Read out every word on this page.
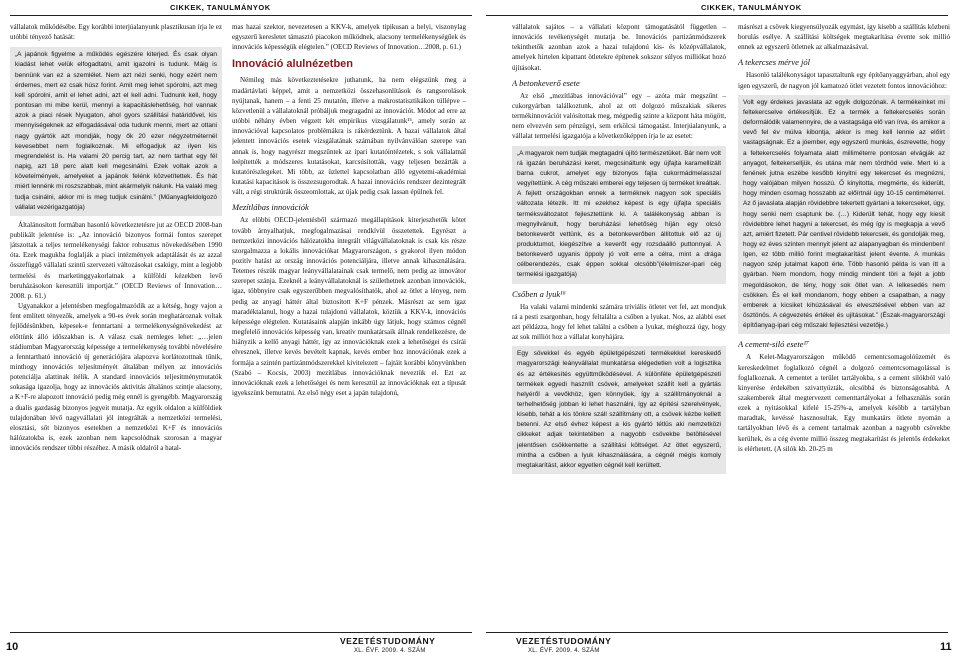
CIKKEK, TANULMÁNYOK

vállalatok működésébe. Egy korábbi interjúalanyunk plasztikusan írja le ez utóbbi tényező hatását:

„A japánok figyelme a működés egészére kiterjed. És csak olyan kiadást lehet velük elfogadtatni, amit igazolni is tudunk. Máig is bennünk van ez a szemlélet. Nem azt nézi senki, hogy ezért nem érdemes, mert ez csak húsz forint. Amit meg lehet spórolni, azt meg kell spórolni, amit el lehet adni, azt el kell adni. Tudnunk kell, hogy pontosan mi mibe kerül, mennyi a kapacitáslehetőség, hol vannak azok a piaci rések Nyugaton, ahol gyors szállítási határidővel, kis mennyiségeknek az elfogadásával oda tudunk menni, mert az ottani nagy gyártók azt mondják, hogy ők 20 ezer négyzetméternél kevesebbet nem foglalkoznak. Mi elfogadjuk az ilyen kis megrendelést is. Ha valami 20 percig tart, az nem tarthat egy fél napig, azt 18 perc alatt kell megcsinálni. Ezek voltak azok a követelmények, amelyeket a japánok felénk közvetítettek. És hát miért lennénk mi roszszabbak, mint akármelyik nálunk. Ha valaki meg tudja csinálni, akkor mi is meg tudjuk csinálni.” (Műanyagfeldolgozó vállalat vezérigazgatója)

Általánosított formában hasonló következtetésre jut az OECD 2008-ban publikált jelentése is: „Az innováció bizonyos formái fontos szerepet játszottak a teljes termelékenységi faktor robusztus növekedésében 1990 óta. Ezek magukba foglalják a piaci intézmények adaptálását és az azzal összefüggő vállalati szintű szervezeti változásokat csakúgy, mint a legjobb termelési és marketinggyakorlatnak a külföldi kézekben levő beruházásokon keresztüli importját.” (OECD Reviews of Innovation… 2008. p. 61.)

Ugyanakkor a jelentésben megfogalmazódik az a kétség, hogy vajon a fent említett tényezők, amelyek a 90-es évek során meghatároznak voltak fejlődésünkben, képesek-e fenntartani a termelékenységnövekedést az előttünk álló időszakban is. A válasz csak nemleges lehet: „…jelen stádiumban Magyarország képessége a termelékenység további növelésére a fenntartható innováció új generációjára alapozva korlátozottnak tűnik, minthogy innovációs teljesítményét általában mélyen az innovációs potenciálja alattinak ítélik. A standard innovációs teljesítménymutatók sokasága igazolja, hogy az innovációs aktivitás általános szintje alacsony, a K+F-re alapozott innováció pedig még ennél is gyengébb. Magyarország a dualis gazdaság bizonyos jegyeit mutatja. Az egyik oldalon a külföldiek tulajdonában lévő nagyvállalati jól integrálták a nemzetközi termelési, elosztási, sőt bizonyos esetekben a nemzetközi K+F és innovációs hálózatokba is, ezek azonban nem kapcsolódnak szorosan a magyar innovációs rendszer többi részéhez. A másik oldalról a hatal-

mas hazai szektor, nevezetesen a KKV-k, amelyek tipikusan a helyi, viszonylag egyszerű keresletet támasztó piacokon működnek, alacsony termelékenységűek és innovációs képességük elégtelen.” (OECD Reviews of Innovation…2008, p. 61.)

Innováció alulnézetben

Némileg más következtetésekre juthatunk, ha nem elégszünk meg a madártávlati képpel, amit a nemzetközi összehasonlítások és rangsorolások nyújtanak, hanem – a fenti 25 mutatón, illetve a makrostatisztikákon túllépve – közvetlenül a vállalatoknál próbáljuk megragadni az innovációt. Módot ad erre az utóbbi néhány évben végzett két empirikus vizsgálatunk¹⁵, amely során az innovációval kapcsolatos problémákra is rákérdeztünk. A hazai vállalatok által jelentett innovációs esetek vizsgálatának számában nyilvánválóan szerepe van annak is, hogy nagyrészt megszűntek az ipari kutatóintézetek, s sok vállalatnál leépítették a módszeres kutatásokat, karcsúsították, vagy teljesen bezárták a kutatórészlegeket. Mi több, az üzlettel kapcsolatban álló egyetemi-akadémiai kutatási kapacitások is összezsugorodtak. A hazai innovációs rendszer dezintegrált vált, a régi struktúrák összeomlottak, az újak pedig csak lassan épülnek fel.

Mezítlábas innovációk

Az elöbbi OECD-jelentésből származó megállapítások kiterjeszhetők kötet tovább árnyalhatjuk, megfogalmazásai rendkívül összetettek. Egyrészt a nemzetközi innovációs hálózatokba integrált világvállalatoknak is csak kis része szorgalmazza a lokális innovációkat Magyarországon, s gyakorol ilyen módon pozitív hatást az ország innovációs potenciáljára, illetve annak kihasználására. Tetemes részük magyar leányvállalatainak csak termelő, nem pedig az innovátor szerepet szánja. Ezeknél a leányvállalatoknál is születhetnek azonban innovációk, igaz, többnyire csak egyszerűbben megvalósíthatók, ahol az ötlet a lényeg, nem pedig az anyagi háttér által biztosított K+F pénzek. Másrészt az sem igaz maradéktalanul, hogy a hazai tulajdonú vállalatok, köztük a KKV-k, innovációs képessége elégtelen. Kutatásaink alapján inkább úgy látjuk, hogy számos cégnél megfelelő innovációs képesség van, kreatív munkatársaik állnak rendelkezésre, de hiányzik a kellő anyagi háttér, így az innovációknak ezek a lehetőségei és csírái elvesznek, illetve kevés bevételt kapnak, kevés ember hoz innovációnak ezek a formája a szintén partizánmódszerekkel kivitelezett – fajtáit korábbi könyvünkben (Szabó – Kocsis, 2003) mezítlábas innovációknak neveztük el. Ezt az innovációknak ezek a lehetőségei és nem keresztül az innovációknak ezt a típusát igyekszünk bemutatni. Az első négy eset a japán tulajdonú,

VEZETÉSTUDOMÁNY
XL. ÉVF. 2009. 4. SZÁM
10
CIKKEK, TANULMÁNYOK

vállalatok sajátos – a vállalati központ támogatásától független – innovációs tevékenységét mutatja be. Innovációs partizánmódszerek tekinthetők azonban azok a hazai tulajdonú kis- és középvállalatok, amelyek hirtelen kipattant ötletekre építenek sokszor súlyos milliókat hozó újításokat.

A betonkeverő esete

Az első „mezítlábas innovációval” egy – azóta már megszűnt – cukorgyárban találkoztunk, ahol az ott dolgozó műszakiak sikeres termékinnovációt valósítottak meg, mégpedig szinte a központ háta mögött, nem elvezvén sem pénzügyi, sem erkölcsi támogatást. Interjúalanyunk, a vállalat termelési igazgatója a következőképpen írja le az esetet:

„A magyarok nem tudják megtagadni újító természetüket. Bár nem volt rá igazán beruházási keret, megcsináltunk egy újfajta karamellizált barna cukrot, amelyet egy bizonyos fajta cukormádmelasszal vegyítettünk. A cég műszaki emberei egy teljesen új terméket kreáltak. A fejlett országokban ennek a terméknek nagyon sok speciális változata létezik. Itt mi ezekhez képest is egy újfajta speciális terméksváltozatot fejlesztettünk ki. A találékonyság abban is megnyilvánult, hogy beruházási lehetőség híján egy olcsó betonkeverőt vettünk, és a betonkeverőben állítottuk elő az új produktumot, kiegészítve a keverőt egy rozsdaálló puttonnyal. A betonkeverő ugyanis öppoly jó volt erre a célra, mint a drága célberendezés, csak éppen sokkal olcsóbb”(élelmiszer-ipari cég termelési igazgatója)

Csőben a lyuk¹⁶

Ha valaki valami mindenki számára triviális ötletet vet fel, azt mondjuk rá a pesti zsargonban, hogy feltalálta a csőben a lyukat. Nos, az alábbi eset azt példázza, hogy fel lehet találni a csőben a lyukat, méghozzá úgy, hogy az sok milliót hoz a vállalat konyhájára.

Egy sövekkel és egyéb épületgépészeti termékekkel kereskedő magyarországi leányvállalat munkatársa elégedetlen volt a logisztika és az értékesítés együttműködésével. A különféle épületgépészeti termékek egyedi hasznlít csövek, amelyeket szállít kell a gyártás helyéről a vevőkhöz, igen könnyűek, így a szállítmányoknál a terhelhetőség jobban ki lehet használni, így az építési szerelvények, kisebb, tehát a kis tönkre száll szállítmány ott, a csövek kézbe kellett betenni. Az első évhez képest a kis gyártó tétlüs aki nemzetközi cikkeket adjak tekintetében a nagyobb csövekbe betöltésével jelentősen csökkentette a szállítási költséget. Az ötlet egyszerű, mintha a csőben a lyuk kihasználására, a cégnél mégis komoly megtakarítást, akkor egyetlen cégnél kell kerültett.

másrészt a csövek kiegyensúlyozák egymást, így kisebb a szállítás közbeni borulás esélye. A szállítási költségek megtakarítása évente sok millió ennek az egyszerű ötletnek az alkalmazásával.

A tekercses mérve jól

Hasonló találékonyságot tapasztaltunk egy építőanyaggyárban, ahol egy igen egyszerű, de nagyon jól kamatozó ötlet vezetett fontos innovációhoz:

Volt egy érdekes javaslata az egyik dolgozónak. A termékeinket mi feltekercselve értékesítjük. Ez a termék a feltekercselés során deformálódik valamennyire, de a vastagsága elő van írva, és amikor a vevő fel év múlva kibontja, akkor is meg kell lennie az előírt vastagságnak. Ez a jóember, egy egyszerű munkás, észrevette, hogy a feltekercselés folyamata alatt milliméterre pontosan elvágják az anyagot, feltekerselljük, és utána már nem tördhöd vele. Mert ki a fenének jutna eszébe kesőbb kinyitni egy tekercset és megnézni, hogy valójában milyen hosszú. Ő kinyitotta, megmérte, és kiderült, hogy minden csomag hosszabb az előírtnál úgy 10-15 centiméterrel. Az ő javaslata alapján rövidebbre tekertett gyártani a tekercseket, úgy, hogy senki nem csaptunk be. (…) Kiderült tehát, hogy egy kiesit rövidebbre lehet hagyni a tekercset, és még így is megkapja a vevő azt, amiért fizetett. Pár centivel rövidebb tekercsek, és gondolják meg, hogy ez éves szinten mennyit jelent az alapanyagban és mindenben! Igen, ez több millió forint megtakarítást jelent évente. A munkás nagyon szép jutalmat kapott érte. Több hasonló példa is van itt a gyárban. Nem mondom, hogy mindig mindent töri a fejét a jobb megoldásokon, de tény, hogy sok ötlet van. A lelkesedés nem csökken. És el kell mondanom, hogy ebben a csapatban, a nagy emberek a kicsiket kihúzásával és elvesztésével ebben van az ösztönös. A cégvezetés értékel és ujításokat.” (Észak-magyarországi építőanyag-ipari cég műszaki fejlesztési vezetője.)

A cement-siló esete¹⁷

A Kelet-Magyarországon működő cementcsomagolóüzemét és kereskedelmet foglalkozó cégnél a dolgozó cementcsomagolással is foglalkoznak. A cementet a terület tartályokba, s a cement silókból való kinyerése érdekében szivattyúzták, olcsóbbá és biztonságosabbá. A szakemberek által megtervezett cementtartályokat a felhasználás során ezek a nyitásokkal kifelé 15-25%-a, amelyek később a tartályban maradtak, kevéssé hasznosultak. Egy munkatárs ötlete nyomán a tartályokban lévő és a cement tartalmak azonban a nagyobb csövekbe kerültek, és a cég évente millió összeg megtakarítást és jelentős érdekeket is elérhetett. (A silók kb. 20-25 m

VEZETÉSTUDOMÁNY
XL. ÉVF. 2009. 4. SZÁM	11
